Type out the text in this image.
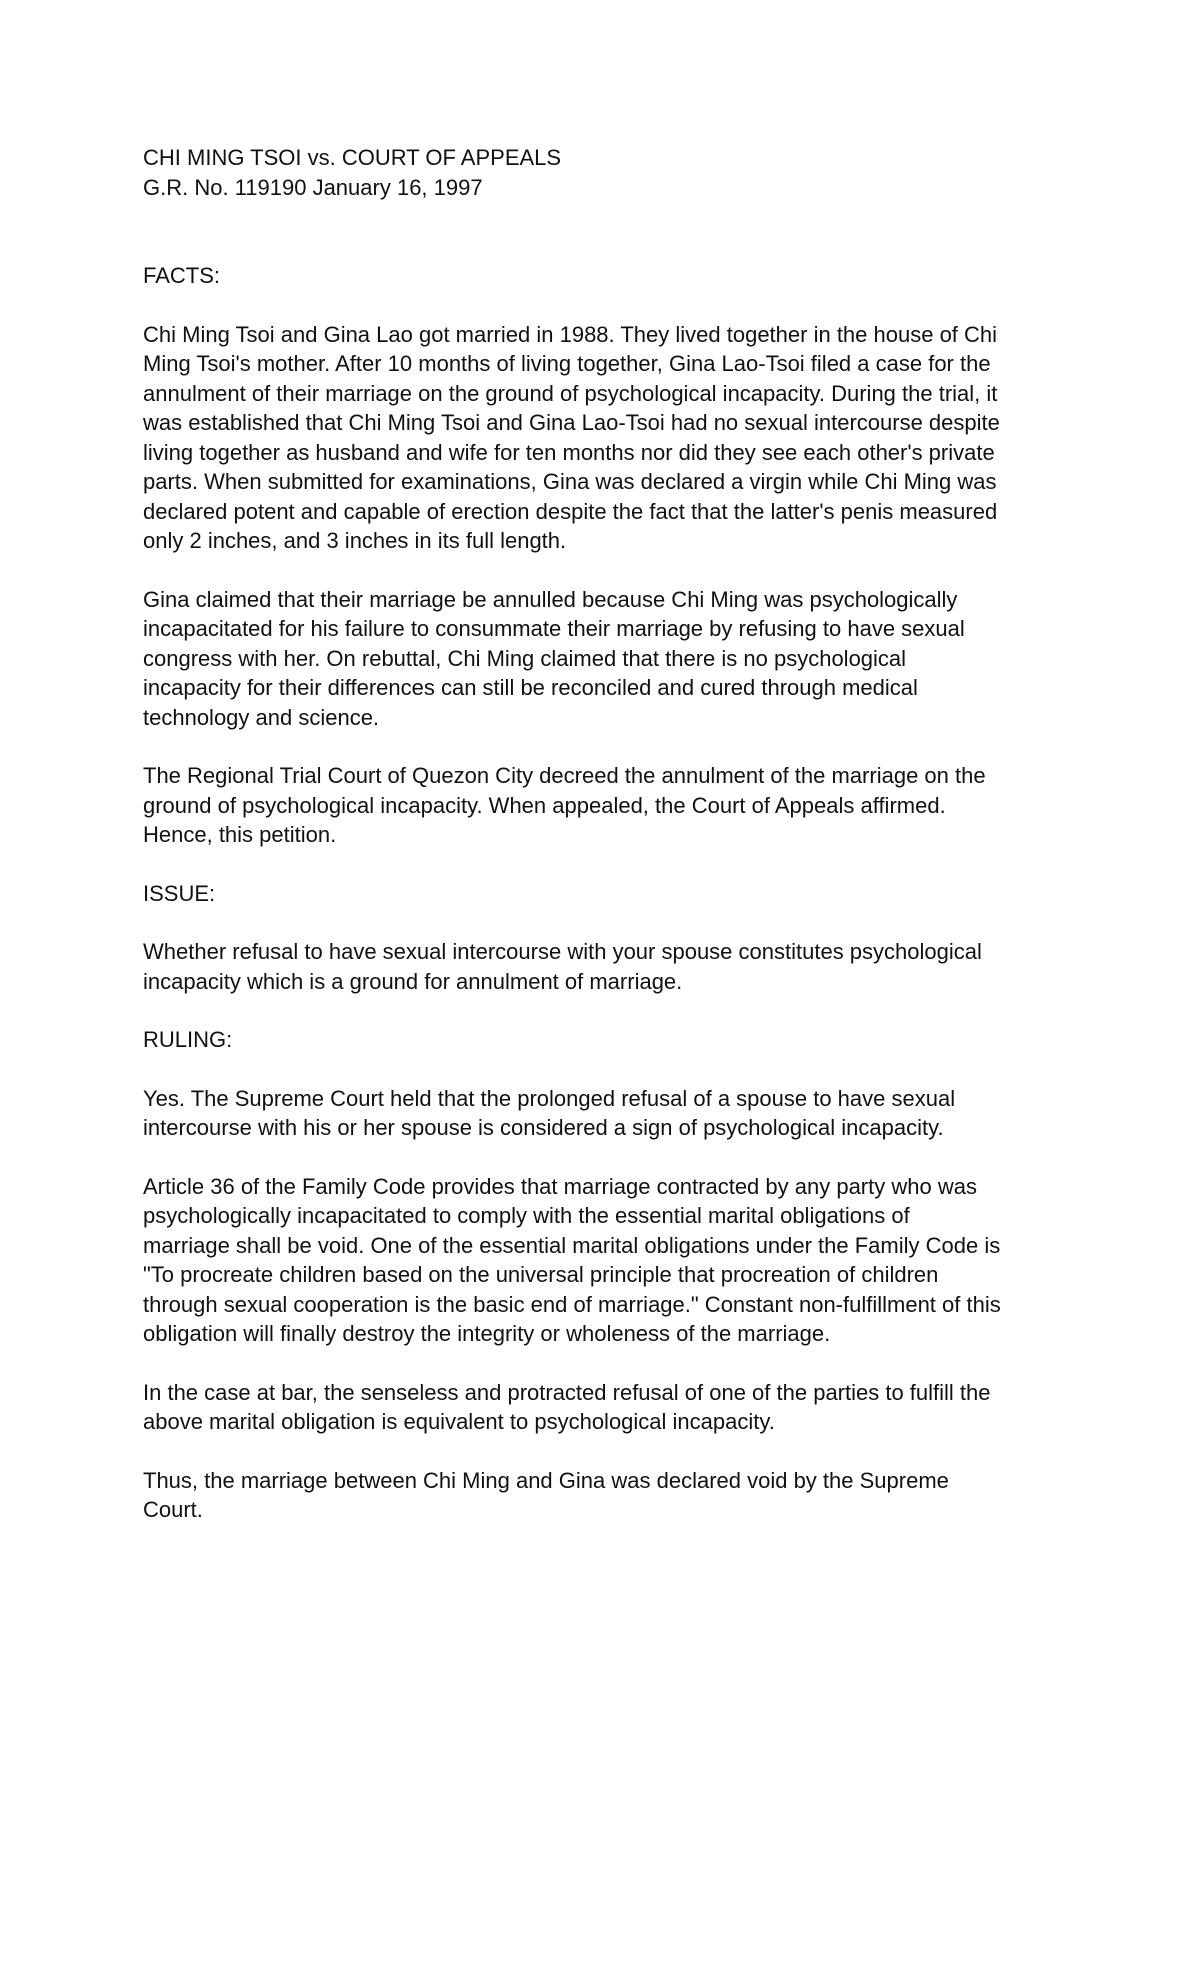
CHI MING TSOI vs. COURT OF APPEALS

G.R. No. 119190 January 16, 1997

FACTS:

Chi Ming Tsoi and Gina Lao got married in 1988. They lived together in the house of Chi

Ming Tsoi's mother. After 10 months of living together, Gina Lao-Tsoi filed a case for the

annulment of their marriage on the ground of psychological incapacity. During the trial, it

was established that Chi Ming Tsoi and Gina Lao-Tsoi had no sexual intercourse despite

living together as husband and wife for ten months nor did they see each other's private

parts. When submitted for examinations, Gina was declared a virgin while Chi Ming was

declared potent and capable of erection despite the fact that the latter's penis measured

only 2 inches, and 3 inches in its full length.

Gina claimed that their marriage be annulled because Chi Ming was psychologically

incapacitated for his failure to consummate their marriage by refusing to have sexual

congress with her. On rebuttal, Chi Ming claimed that there is no psychological

incapacity for their differences can still be reconciled and cured through medical

technology and science.

The Regional Trial Court of Quezon City decreed the annulment of the marriage on the

ground of psychological incapacity. When appealed, the Court of Appeals affirmed.

Hence, this petition.

ISSUE:

Whether refusal to have sexual intercourse with your spouse constitutes psychological

incapacity which is a ground for annulment of marriage.

RULING:

Yes. The Supreme Court held that the prolonged refusal of a spouse to have sexual

intercourse with his or her spouse is considered a sign of psychological incapacity.

Article 36 of the Family Code provides that marriage contracted by any party who was

psychologically incapacitated to comply with the essential marital obligations of

marriage shall be void. One of the essential marital obligations under the Family Code is

"To procreate children based on the universal principle that procreation of children

through sexual cooperation is the basic end of marriage." Constant non-fulfillment of this

obligation will finally destroy the integrity or wholeness of the marriage.

In the case at bar, the senseless and protracted refusal of one of the parties to fulfill the

above marital obligation is equivalent to psychological incapacity.

Thus, the marriage between Chi Ming and Gina was declared void by the Supreme

Court.
